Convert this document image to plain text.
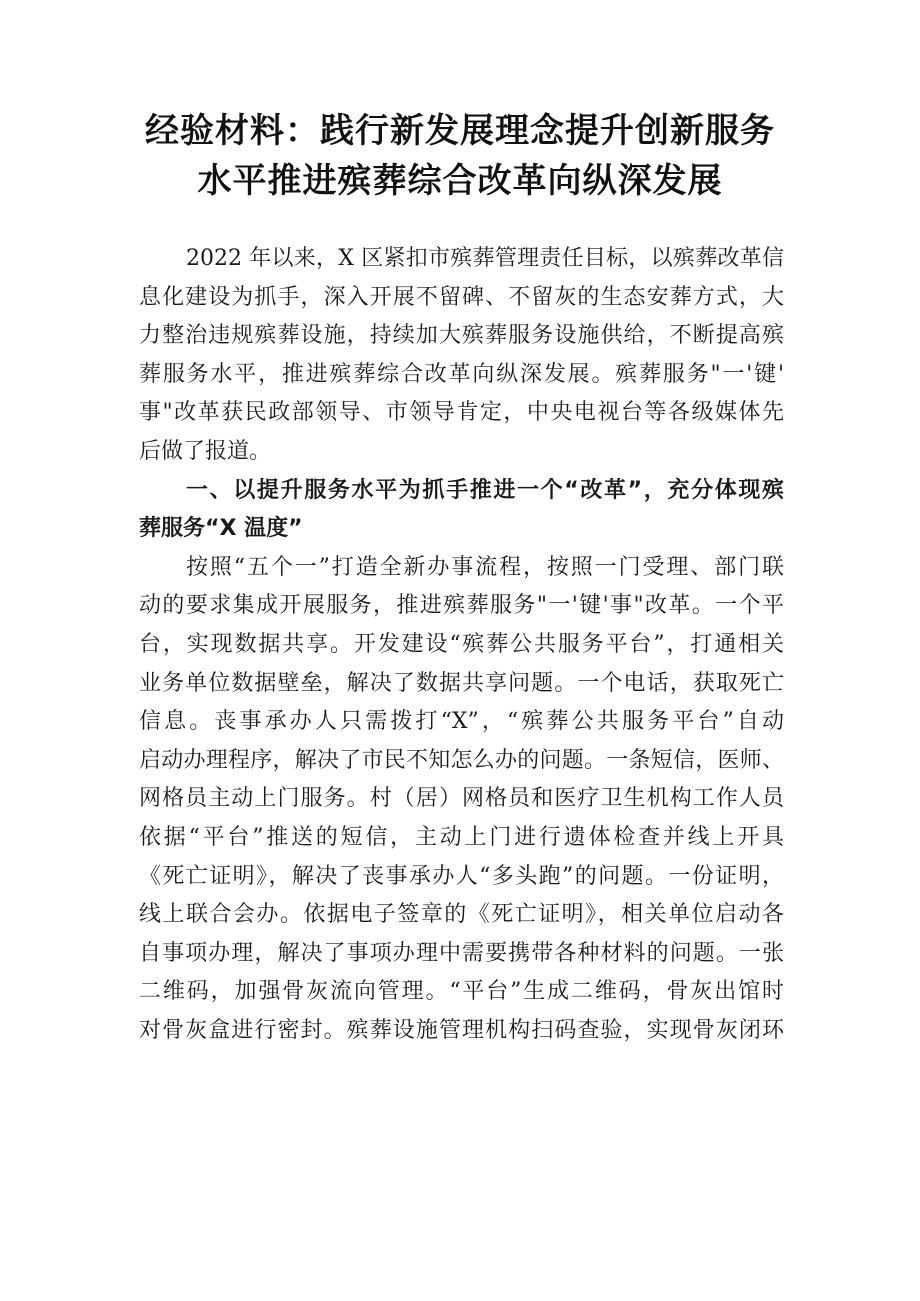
经验材料：践行新发展理念提升创新服务
水平推进殡葬综合改革向纵深发展
2022 年以来，X 区紧扣市殡葬管理责任目标，以殡葬改革信
息化建设为抓手，深入开展不留碑、不留灰的生态安葬方式，大
力整治违规殡葬设施，持续加大殡葬服务设施供给，不断提高殡
葬服务水平，推进殡葬综合改革向纵深发展。殡葬服务"一'键'
事"改革获民政部领导、市领导肯定，中央电视台等各级媒体先
后做了报道。
一、以提升服务水平为抓手推进一个“改革”，充分体现殡
葬服务“X 温度”
按照“五个一”打造全新办事流程，按照一门受理、部门联
动的要求集成开展服务，推进殡葬服务"一'键'事"改革。一个平
台，实现数据共享。开发建设“殡葬公共服务平台”，打通相关
业务单位数据壁垒，解决了数据共享问题。一个电话，获取死亡
信息。丧事承办人只需拨打“X”，“殡葬公共服务平台”自动
启动办理程序，解决了市民不知怎么办的问题。一条短信，医师、
网格员主动上门服务。村（居）网格员和医疗卫生机构工作人员
依据“平台”推送的短信，主动上门进行遗体检查并线上开具
《死亡证明》，解决了丧事承办人“多头跑”的问题。一份证明，
线上联合会办。依据电子签章的《死亡证明》，相关单位启动各
自事项办理，解决了事项办理中需要携带各种材料的问题。一张
二维码，加强骨灰流向管理。“平台”生成二维码，骨灰出馆时
对骨灰盒进行密封。殡葬设施管理机构扫码查验，实现骨灰闭环
